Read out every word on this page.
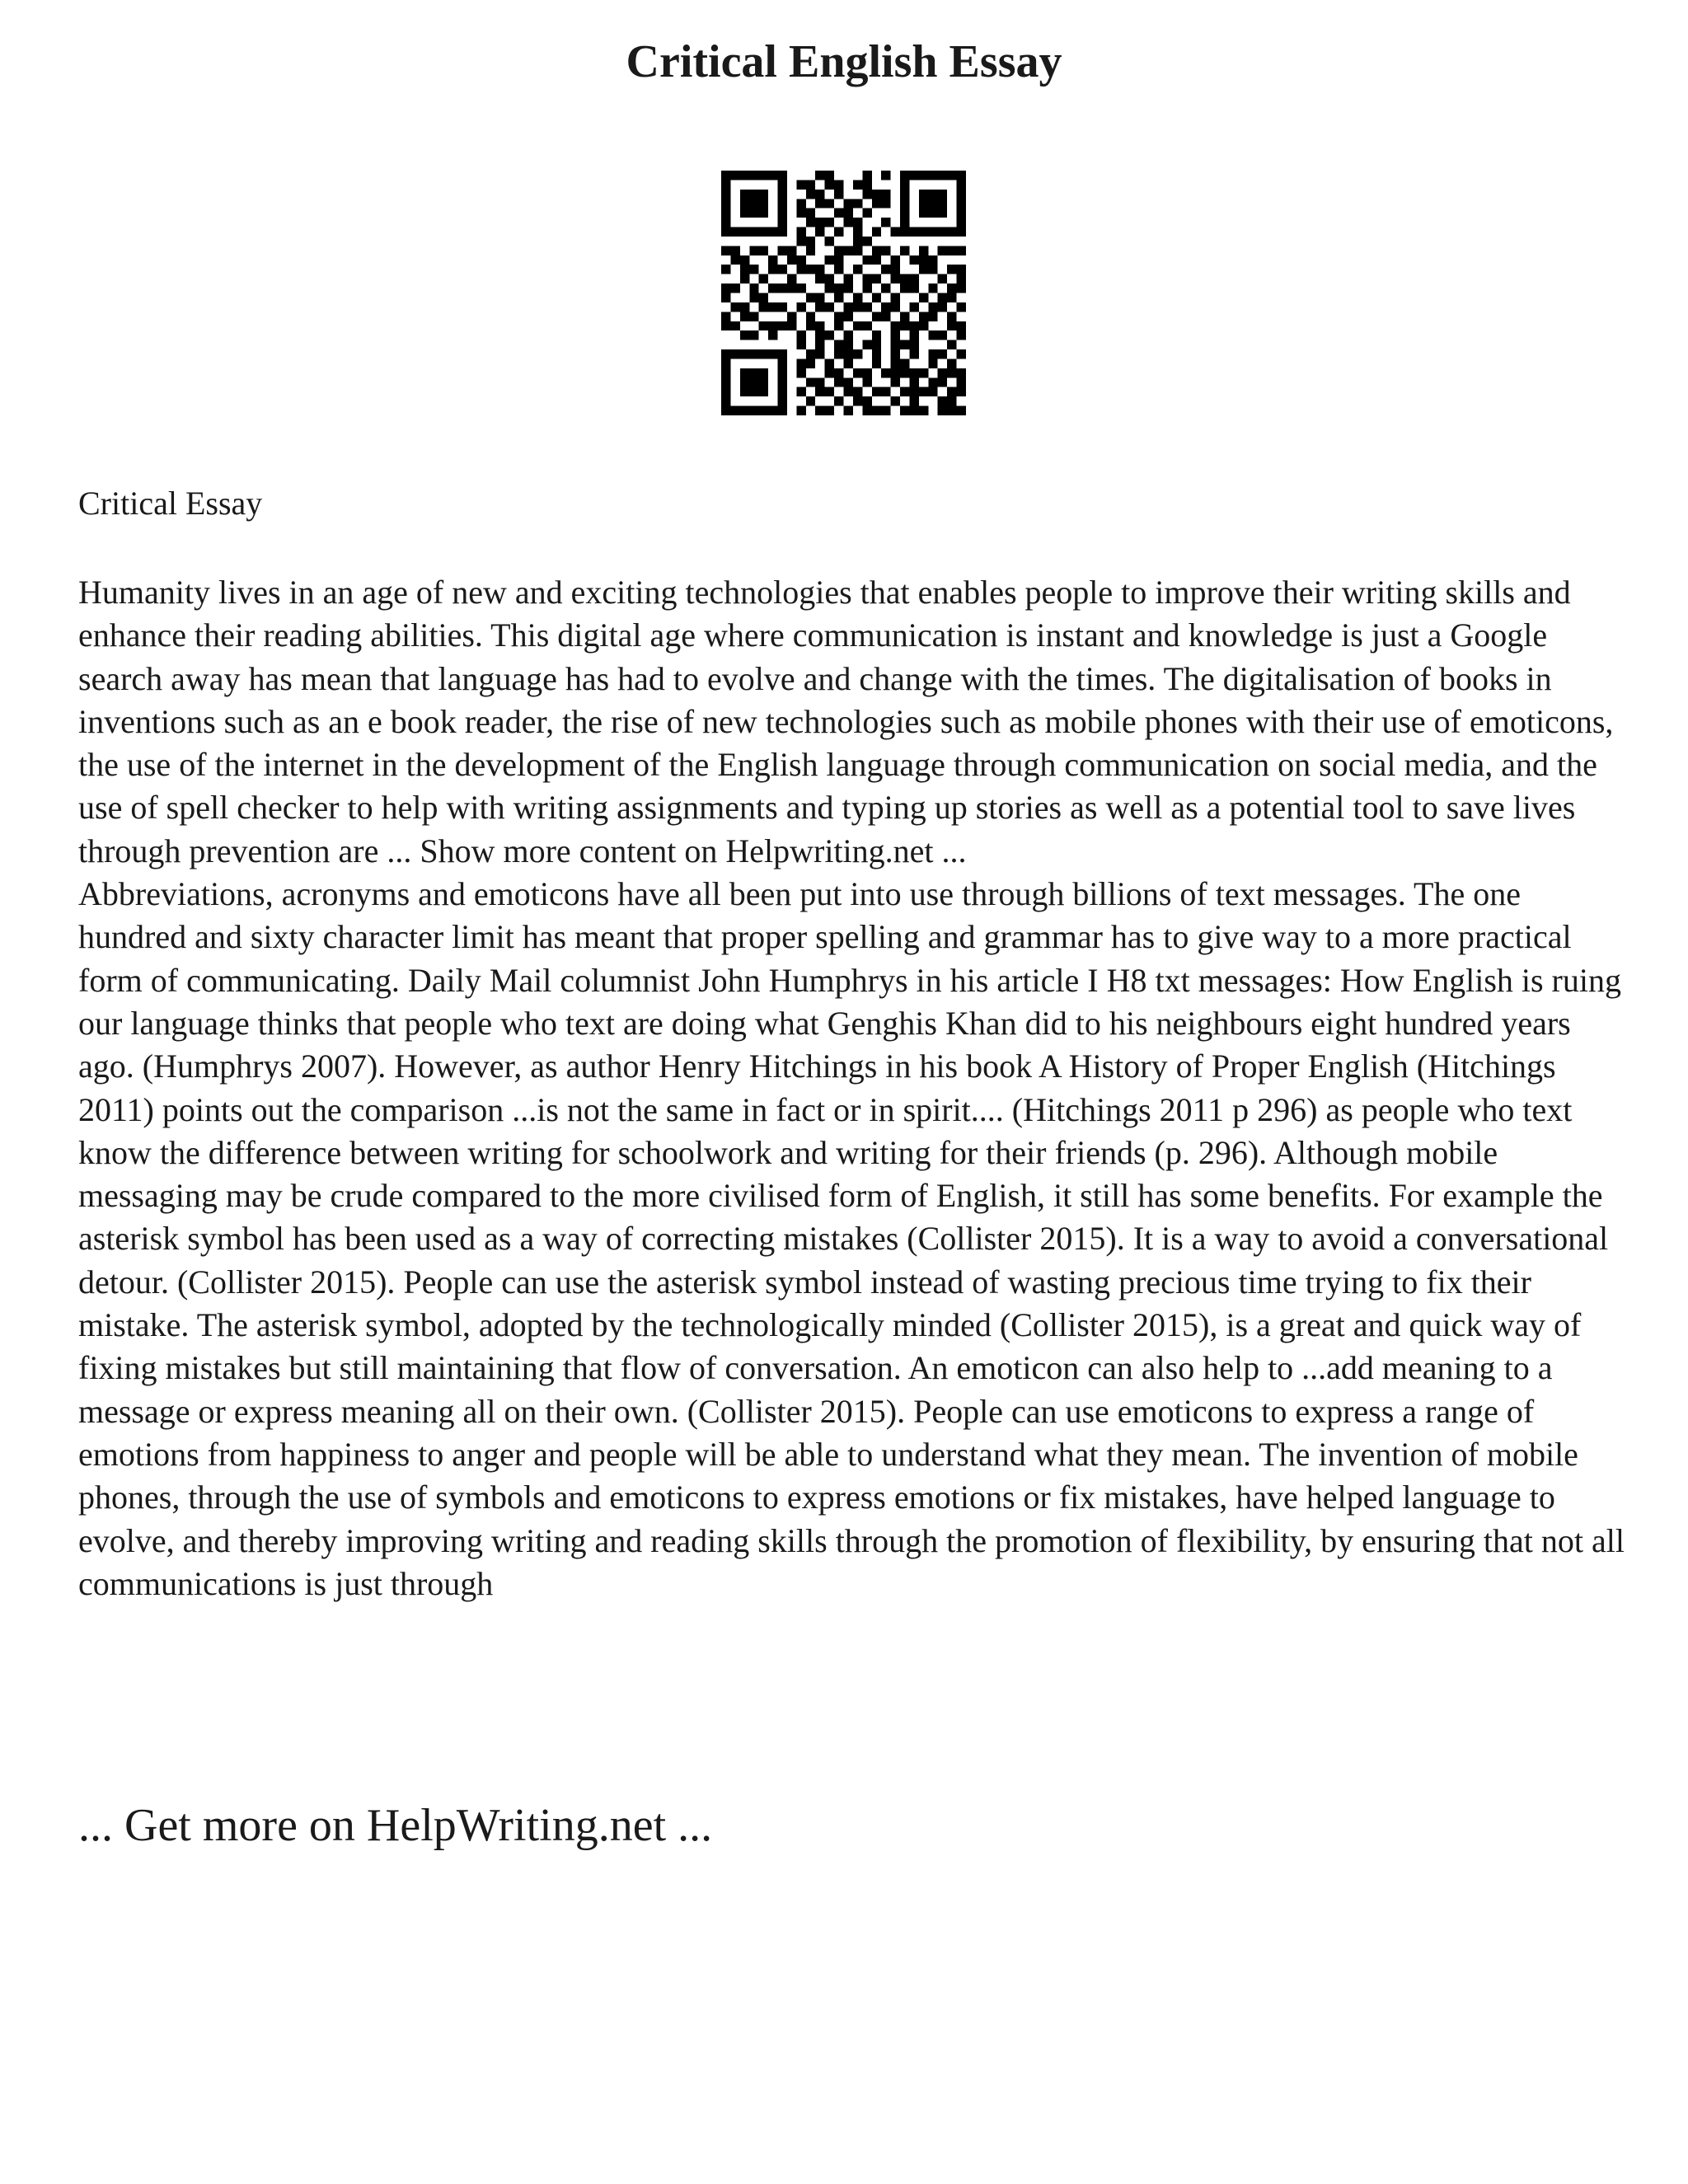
Critical English Essay
Critical Essay

Humanity lives in an age of new and exciting technologies that enables people to improve their writing skills and enhance their reading abilities. This digital age where communication is instant and knowledge is just a Google search away has mean that language has had to evolve and change with the times. The digitalisation of books in inventions such as an e book reader, the rise of new technologies such as mobile phones with their use of emoticons, the use of the internet in the development of the English language through communication on social media, and the use of spell checker to help with writing assignments and typing up stories as well as a potential tool to save lives through prevention are ... Show more content on Helpwriting.net ...

Abbreviations, acronyms and emoticons have all been put into use through billions of text messages. The one hundred and sixty character limit has meant that proper spelling and grammar has to give way to a more practical form of communicating. Daily Mail columnist John Humphrys in his article I H8 txt messages: How English is ruing our language thinks that people who text are doing what Genghis Khan did to his neighbours eight hundred years ago. (Humphrys 2007). However, as author Henry Hitchings in his book A History of Proper English (Hitchings 2011) points out the comparison ...is not the same in fact or in spirit.... (Hitchings 2011 p 296) as people who text know the difference between writing for schoolwork and writing for their friends (p. 296). Although mobile messaging may be crude compared to the more civilised form of English, it still has some benefits. For example the asterisk symbol has been used as a way of correcting mistakes (Collister 2015). It is a way to avoid a conversational detour. (Collister 2015). People can use the asterisk symbol instead of wasting precious time trying to fix their mistake. The asterisk symbol, adopted by the technologically minded (Collister 2015), is a great and quick way of fixing mistakes but still maintaining that flow of conversation. An emoticon can also help to ...add meaning to a message or express meaning all on their own. (Collister 2015). People can use emoticons to express a range of emotions from happiness to anger and people will be able to understand what they mean. The invention of mobile phones, through the use of symbols and emoticons to express emotions or fix mistakes, have helped language to evolve, and thereby improving writing and reading skills through the promotion of flexibility, by ensuring that not all communications is just through

... Get more on HelpWriting.net ...
